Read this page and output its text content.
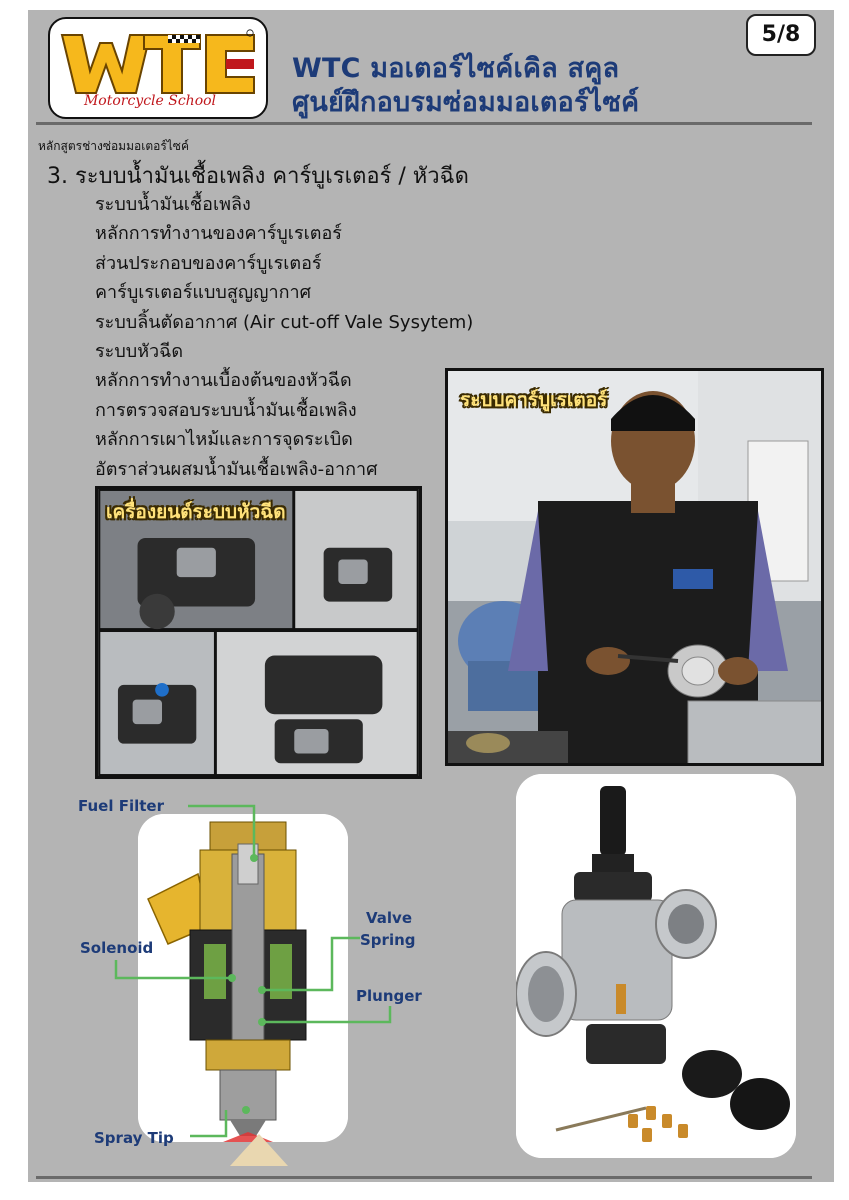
Motorcycle School
WTC มอเตอร์ไซค์เคิล สคูล
ศูนย์ฝึกอบรมซ่อมมอเตอร์ไซค์
5/8
หลักสูตรช่างซ่อมมอเตอร์ไซค์
3. ระบบน้ำมันเชื้อเพลิง คาร์บูเรเตอร์ / หัวฉีด
ระบบน้ำมันเชื้อเพลิง
หลักการทำงานของคาร์บูเรเตอร์
ส่วนประกอบของคาร์บูเรเตอร์
คาร์บูเรเตอร์แบบสูญญากาศ
ระบบลิ้นตัดอากาศ (Air cut-off Vale Sysytem)
ระบบหัวฉีด
หลักการทำงานเบื้องต้นของหัวฉีด
การตรวจสอบระบบน้ำมันเชื้อเพลิง
หลักการเผาไหม้และการจุดระเบิด
อัตราส่วนผสมน้ำมันเชื้อเพลิง-อากาศ
ระบบคาร์บูเรเตอร์
เครื่องยนต์ระบบหัวฉีด
Fuel Filter
Valve
Spring
Solenoid
Plunger
Spray Tip
